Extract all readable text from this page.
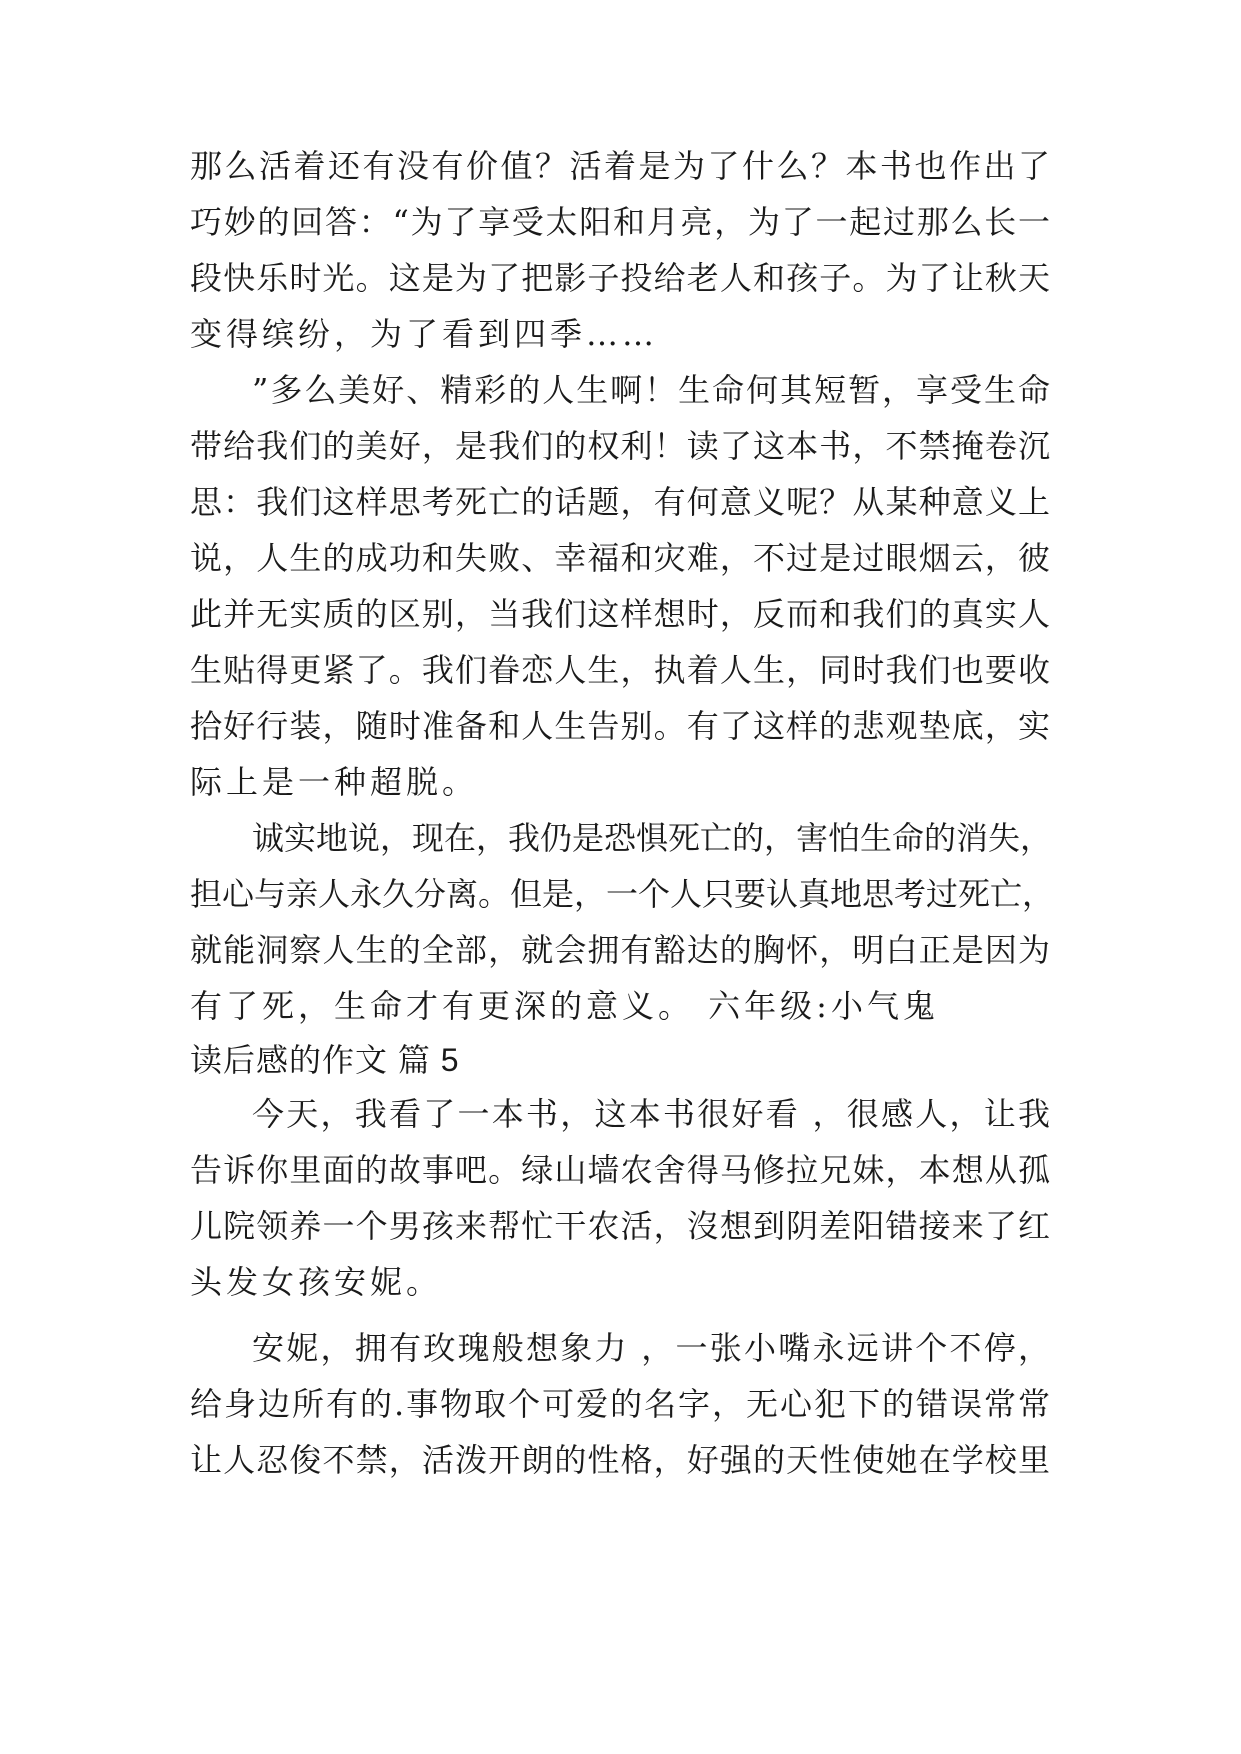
那么活着还有没有价值？活着是为了什么？本书也作出了
巧妙的回答：“为了享受太阳和月亮，为了一起过那么长一
段快乐时光。这是为了把影子投给老人和孩子。为了让秋天
变得缤纷，为了看到四季……
”多么美好、精彩的人生啊！生命何其短暂，享受生命
带给我们的美好，是我们的权利！读了这本书，不禁掩卷沉
思：我们这样思考死亡的话题，有何意义呢？从某种意义上
说，人生的成功和失败、幸福和灾难，不过是过眼烟云，彼
此并无实质的区别，当我们这样想时，反而和我们的真实人
生贴得更紧了。我们眷恋人生，执着人生，同时我们也要收
拾好行装，随时准备和人生告别。有了这样的悲观垫底，实
际上是一种超脱。
诚实地说，现在，我仍是恐惧死亡的，害怕生命的消失，
担心与亲人永久分离。但是，一个人只要认真地思考过死亡，
就能洞察人生的全部，就会拥有豁达的胸怀，明白正是因为
有了死，生命才有更深的意义。 六年级:小气鬼
读后感的作文 篇 5
今天，我看了一本书，这本书很好看 ，很感人，让我
告诉你里面的故事吧。绿山墙农舍得马修拉兄妹，本想从孤
儿院领养一个男孩来帮忙干农活，沒想到阴差阳错接来了红
头发女孩安妮。
安妮，拥有玫瑰般想象力 ，一张小嘴永远讲个不停，
给身边所有的.事物取个可爱的名字，无心犯下的错误常常
让人忍俊不禁，活泼开朗的性格，好强的天性使她在学校里
